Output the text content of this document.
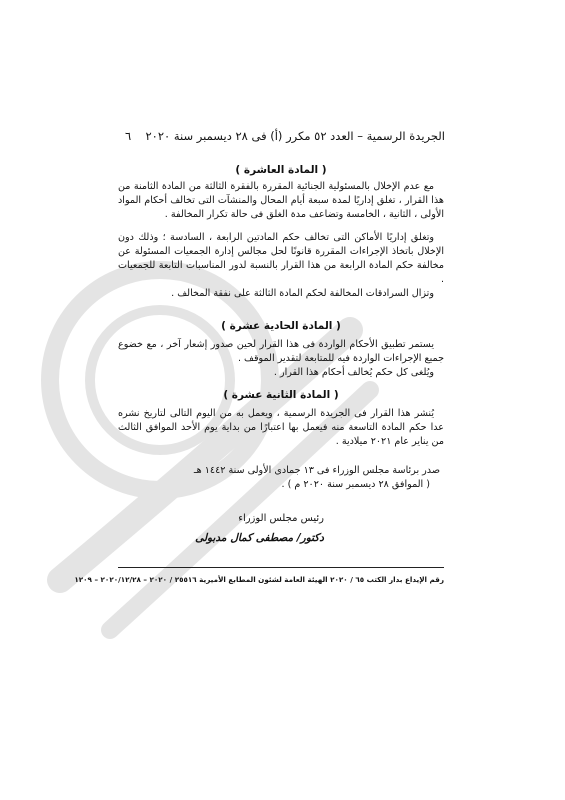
الجريدة الرسمية – العدد ٥٢ مكرر (أ) فى ٢٨ ديسمبر سنة ٢٠٢٠
٦
( المادة العاشرة )

مع عدم الإخلال بالمسئولية الجنائية المقررة بالفقرة الثالثة من المادة الثامنة من هذا القرار ، تغلق إداريًا لمدة سبعة أيام المحال والمنشآت التى تخالف أحكام المواد الأولى ، الثانية ، الخامسة وتضاعف مدة الغلق فى حالة تكرار المخالفة .

وتغلق إداريًا الأماكن التى تخالف حكم المادتين الرابعة ، السادسة ؛ وذلك دون الإخلال باتخاذ الإجراءات المقررة قانونًا لحل مجالس إدارة الجمعيات المسئولة عن مخالفة حكم المادة الرابعة من هذا القرار بالنسبة لدور المناسبات التابعة للجمعيات .

وتزال السرادقات المخالفة لحكم المادة الثالثة على نفقة المخالف .

( المادة الحادية عشرة )

يستمر تطبيق الأحكام الواردة فى هذا القرار لحين صدور إشعار آخر ، مع خضوع جميع الإجراءات الواردة فيه للمتابعة لتقدير الموقف .

ويُلغى كل حكم يُخالف أحكام هذا القرار .

( المادة الثانية عشرة )

يُنشر هذا القرار فى الجريدة الرسمية ، ويعمل به من اليوم التالى لتاريخ نشره عدا حكم المادة التاسعة منه فيعمل بها اعتبارًا من بداية يوم الأحد الموافق الثالث من يناير عام ٢٠٢١ ميلادية .

صدر برئاسة مجلس الوزراء فى ١٣ جمادى الأولى سنة ١٤٤٢ هـ

( الموافق ٢٨ ديسمبر سنة ٢٠٢٠ م ) .

رئيس مجلس الوزراء
دكتور/ مصطفى كمال مدبولى
رقم الإيداع بدار الكتب ٦٥ / ٢٠٢٠ الهيئة العامة لشئون المطابع الأميرية ٢٥٥١٦ / ٢٠٢٠ – ٢٠٢٠/١٢/٢٨ – ١٢٠٩
